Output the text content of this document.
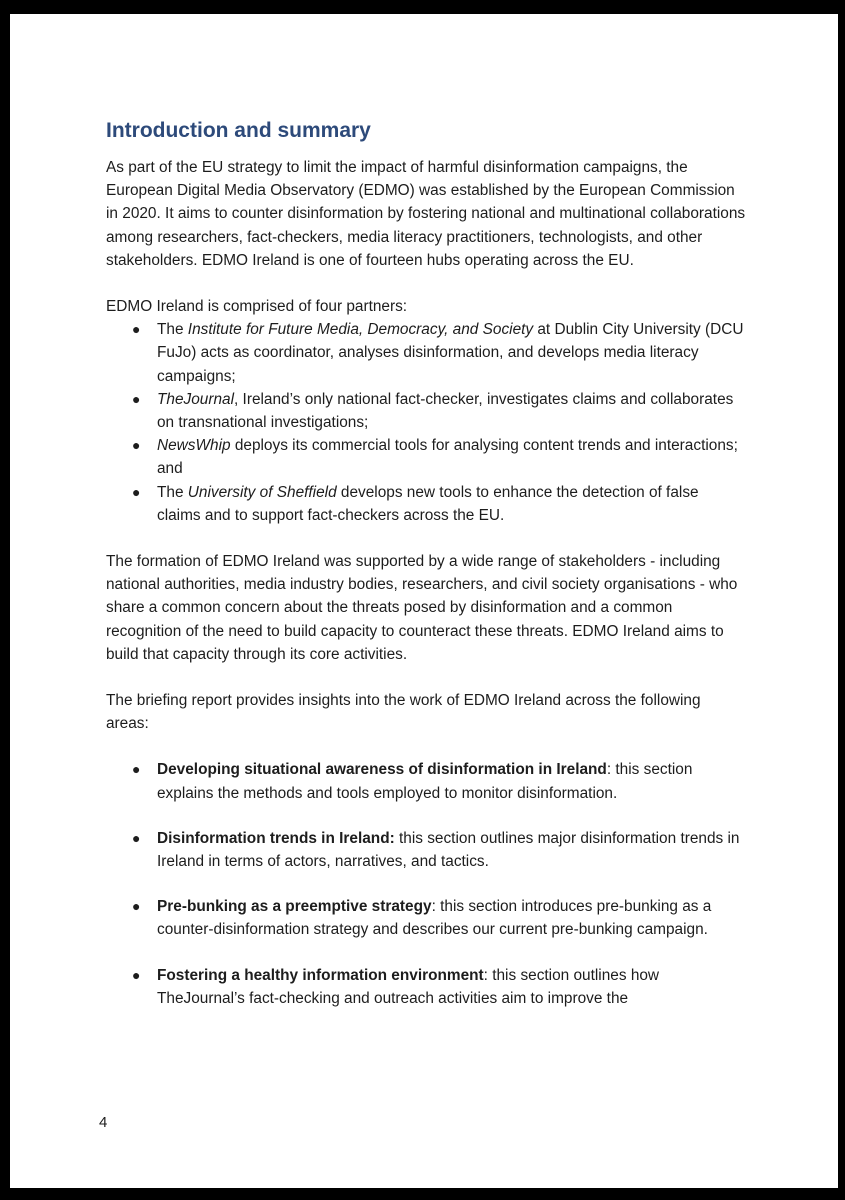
Introduction and summary

As part of the EU strategy to limit the impact of harmful disinformation campaigns, the European Digital Media Observatory (EDMO) was established by the European Commission in 2020. It aims to counter disinformation by fostering national and multinational collaborations among researchers, fact-checkers, media literacy practitioners, technologists, and other stakeholders. EDMO Ireland is one of fourteen hubs operating across the EU.

EDMO Ireland is comprised of four partners:

● The Institute for Future Media, Democracy, and Society at Dublin City University (DCU FuJo) acts as coordinator, analyses disinformation, and develops media literacy campaigns;
● TheJournal, Ireland’s only national fact-checker, investigates claims and collaborates on transnational investigations;
● NewsWhip deploys its commercial tools for analysing content trends and interactions; and
● The University of Sheffield develops new tools to enhance the detection of false claims and to support fact-checkers across the EU.

The formation of EDMO Ireland was supported by a wide range of stakeholders - including national authorities, media industry bodies, researchers, and civil society organisations - who share a common concern about the threats posed by disinformation and a common recognition of the need to build capacity to counteract these threats. EDMO Ireland aims to build that capacity through its core activities.

The briefing report provides insights into the work of EDMO Ireland across the following areas:

● Developing situational awareness of disinformation in Ireland: this section explains the methods and tools employed to monitor disinformation.
● Disinformation trends in Ireland: this section outlines major disinformation trends in Ireland in terms of actors, narratives, and tactics.
● Pre-bunking as a preemptive strategy: this section introduces pre-bunking as a counter-disinformation strategy and describes our current pre-bunking campaign.
● Fostering a healthy information environment: this section outlines how TheJournal’s fact-checking and outreach activities aim to improve the
4
